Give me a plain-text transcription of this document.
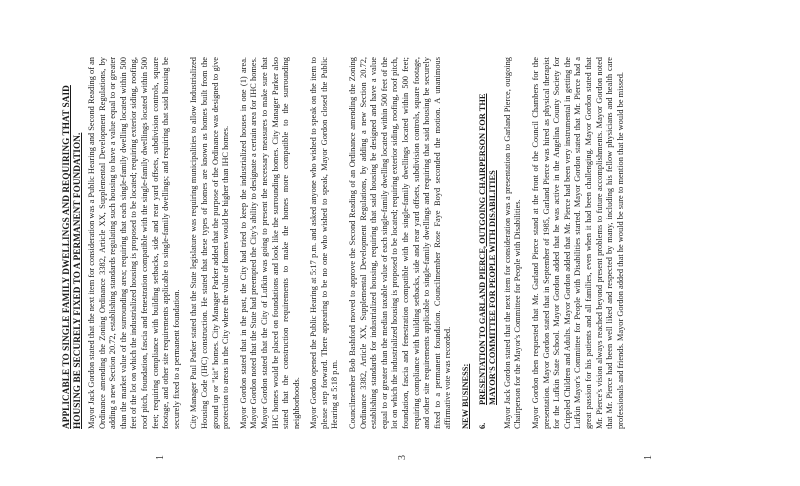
APPLICABLE TO SINGLE FAMILY DWELLINGS AND REQUIRING THAT SAID HOUSING BE SECURELY FIXED TO A PERMANENT FOUNDATION. Mayor Jack Gordon stated that the next item for consideration was a Public Hearing and Second Reading of an Ordinance amending the Zoning Ordinance 3382, Article XX, Supplemental Development Regulations, by adding a new Section 20.72, establishing standards regulating such housing to have a value equal to or greater than the market value of the surrounding area; requiring that each single-family dwelling located within 500 feet of the lot on which the industrialized housing is proposed to be located; requiring exterior siding, roofing, roof pitch, foundation, fascia and fenestration compatible with the single-family dwellings located within 500 feet; requiring compliance with building setbacks, side and rear yard offsets, subdivision controls, square footage, and other site requirements applicable to single-family dwellings; and requiring that said housing be securely fixed to a permanent foundation. City Manager Paul Parker stated that the State legislature was requiring municipalities to allow Industrialized Housing Code (IHC) construction. He stated that these types of homes are known as homes built from the ground up or "kit" homes. City Manager Parker added that the purpose of the Ordinance was designed to give protection to areas in the City where the value of homes would be higher than IHC homes. Mayor Gordon stated that in the past, the City had tried to keep the industrialized houses in one (1) area. Mayor Gordon noted that the State had preempted the City's ability to designate a certain area for IHC homes. Mayor Gordon stated that the City of Lufkin was going to present the necessary measures to make sure that IHC homes would be placed on foundations and look like the surrounding homes. City Manager Parker also stated that the construction requirements to make the homes more compatible to the surrounding neighborhoods. Mayor Gordon opened the Public Hearing at 5:17 p.m. and asked anyone who wished to speak on the item to please step forward. There appearing to be no one who wished to speak, Mayor Gordon closed the Public Hearing at 5:18 p.m. Councilmember Bob Bashford moved to approve the Second Reading of an Ordinance amending the Zoning Ordinance 3382, Article XX, Supplemental Development Regulations, by adding a new Section 20.72, establishing standards for industrialized housing, requiring that said housing be designed and have a value equal to or greater than the median taxable value of each single-family dwelling located within 500 feet of the lot on which the industrialized housing is proposed to be located; requiring exterior siding, roofing, roof pitch, foundation, fascia and fenestration compatible with the single-family dwellings located within 500 feet; requiring compliance with building setbacks, side and rear yard offsets, subdivision controls, square footage, and other site requirements applicable to single-family dwellings and requiring that said housing be securely fixed to a permanent foundation. Councilmember Rose Faye Boyd seconded the motion. A unanimous affirmative vote was recorded. NEW BUSINESS: 6.
PRESENTATION TO GARLAND PIERCE, OUTGOING CHAIRPERSON FOR THE MAYOR'S COMMITTEE FOR PEOPLE WITH DISABILITIES Mayor Jack Gordon stated that the next item for consideration was a presentation to Garland Pierce, outgoing Chairperson for the Mayor's Committee for People with Disabilities. Mayor Gordon then requested that Mr. Garland Pierce stand at the front of the Council Chambers for the presentation. Mayor Gordon stated that in September of 1985, Garland Pierce was hired as physical therapist for the Lufkin State School. Mayor Gordon added that he was active in the Angelina County Society for Crippled Children and Adults. Mayor Gordon added that Mr. Pierce had been very instrumental in getting the Lufkin Mayor's Committee for People with Disabilities started. Mayor Gordon stated that Mr. Pierce had a great passion for his patients and all families, even when it had been challenging. Mayor Gordon stated that Mr. Pierce's vision always reached beyond present problems to future accomplishments. Mayor Gordon noted that Mr. Pierce had been well liked and respected by many, including his fellow physicians and health care professionals and friends. Mayor Gordon added that he would be sure to mention that he would be missed.

1	3	1
